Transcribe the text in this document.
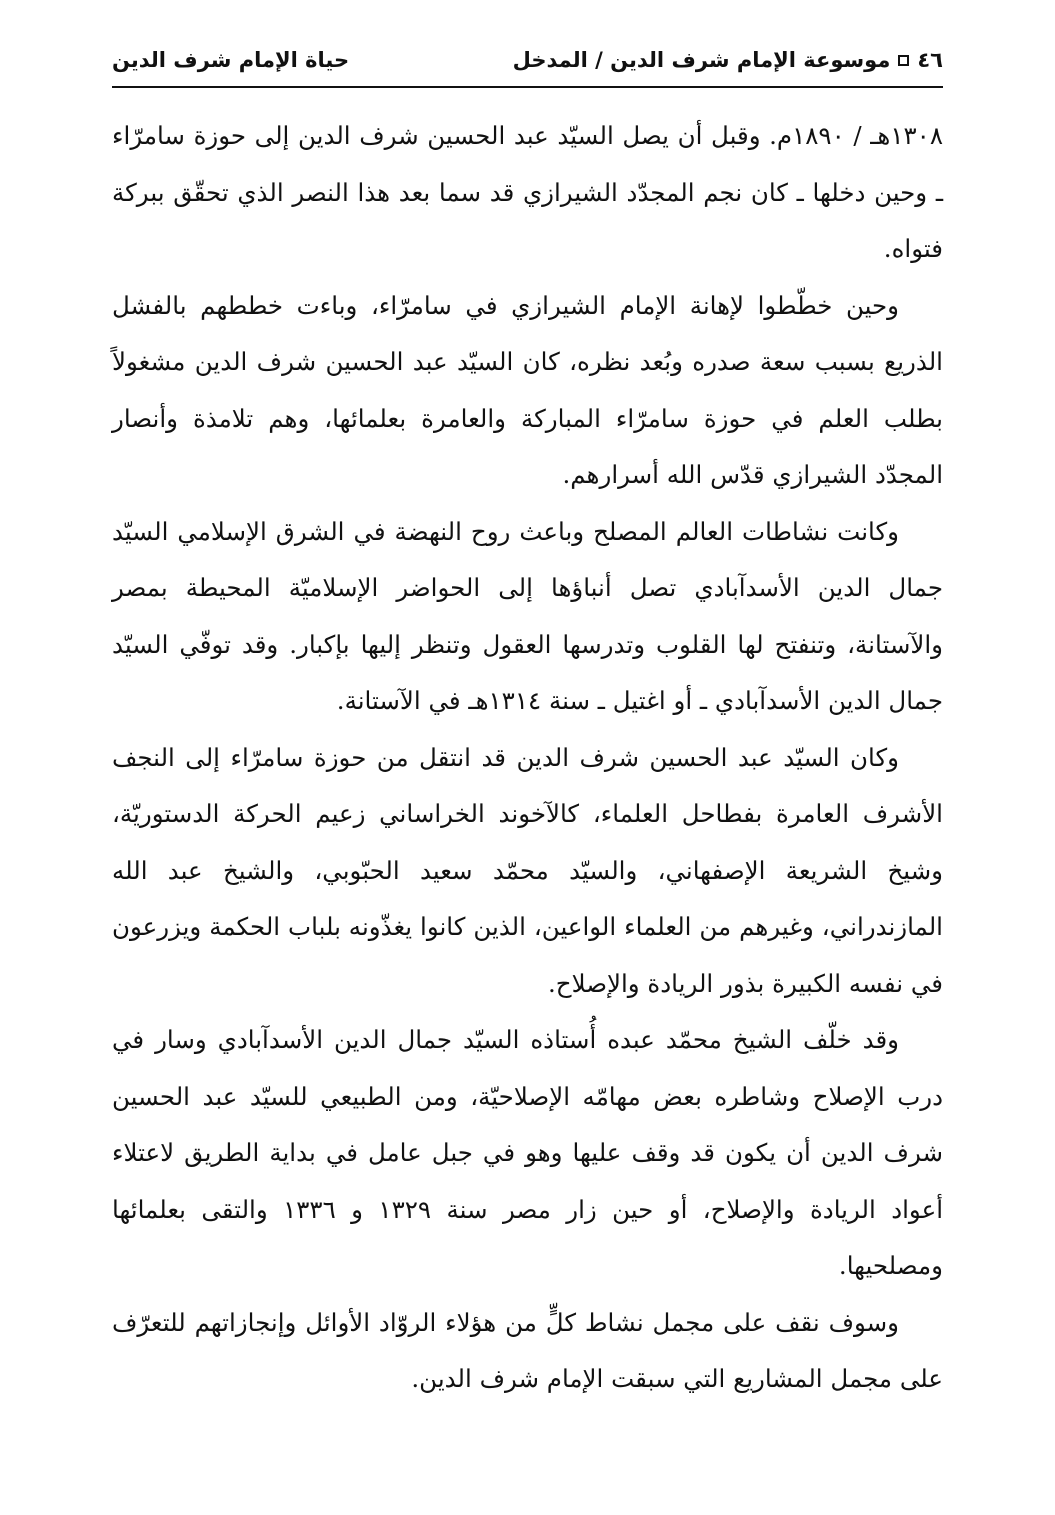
٤٦
موسوعة الإمام شرف الدين / المدخل
حياة الإمام شرف الدين

١٣٠٨هـ / ١٨٩٠م. وقبل أن يصل السيّد عبد الحسين شرف الدين إلى حوزة سامرّاء ـ وحين دخلها ـ كان نجم المجدّد الشيرازي قد سما بعد هذا النصر الذي تحقّق ببركة فتواه.

وحين خطّطوا لإهانة الإمام الشيرازي في سامرّاء، وباءت خططهم بالفشل الذريع بسبب سعة صدره وبُعد نظره، كان السيّد عبد الحسين شرف الدين مشغولاً بطلب العلم في حوزة سامرّاء المباركة والعامرة بعلمائها، وهم تلامذة وأنصار المجدّد الشيرازي قدّس الله أسرارهم.

وكانت نشاطات العالم المصلح وباعث روح النهضة في الشرق الإسلامي السيّد جمال الدين الأسدآبادي تصل أنباؤها إلى الحواضر الإسلاميّة المحيطة بمصر والآستانة، وتنفتح لها القلوب وتدرسها العقول وتنظر إليها بإكبار. وقد توفّي السيّد جمال الدين الأسدآبادي ـ أو اغتيل ـ سنة ١٣١٤هـ في الآستانة.

وكان السيّد عبد الحسين شرف الدين قد انتقل من حوزة سامرّاء إلى النجف الأشرف العامرة بفطاحل العلماء، كالآخوند الخراساني زعيم الحركة الدستوريّة، وشيخ الشريعة الإصفهاني، والسيّد محمّد سعيد الحبّوبي، والشيخ عبد الله المازندراني، وغيرهم من العلماء الواعين، الذين كانوا يغذّونه بلباب الحكمة ويزرعون في نفسه الكبيرة بذور الريادة والإصلاح.

وقد خلّف الشيخ محمّد عبده أُستاذه السيّد جمال الدين الأسدآبادي وسار في درب الإصلاح وشاطره بعض مهامّه الإصلاحيّة، ومن الطبيعي للسيّد عبد الحسين شرف الدين أن يكون قد وقف عليها وهو في جبل عامل في بداية الطريق لاعتلاء أعواد الريادة والإصلاح، أو حين زار مصر سنة ١٣٢٩ و ١٣٣٦ والتقى بعلمائها ومصلحيها.

وسوف نقف على مجمل نشاط كلٍّ من هؤلاء الروّاد الأوائل وإنجازاتهم للتعرّف على مجمل المشاريع التي سبقت الإمام شرف الدين.
